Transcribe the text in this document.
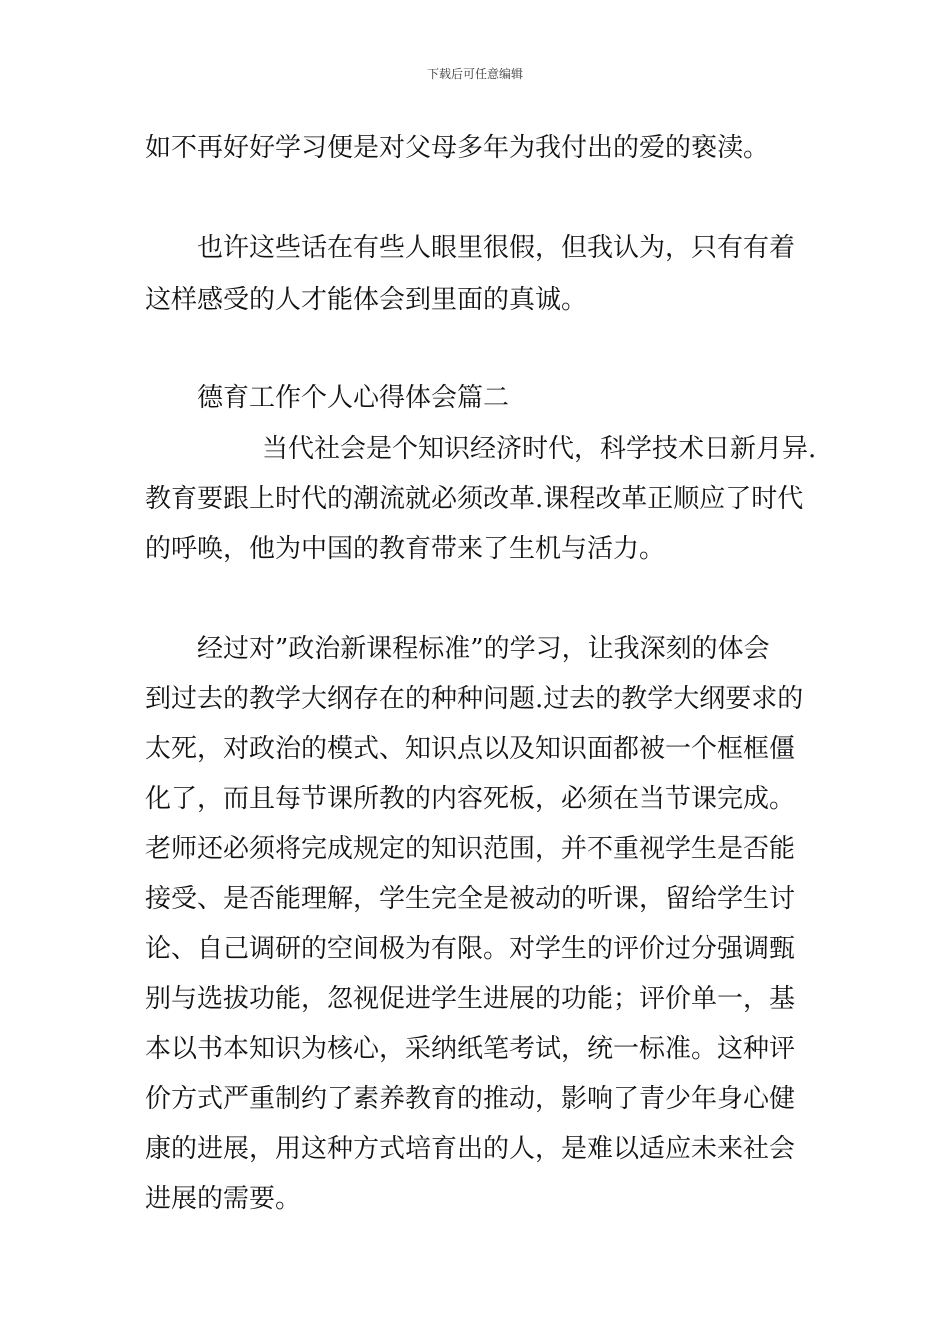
下载后可任意编辑
如不再好好学习便是对父母多年为我付出的爱的亵渎。
也许这些话在有些人眼里很假，但我认为，只有有着
这样感受的人才能体会到里面的真诚。
德育工作个人心得体会篇二
当代社会是个知识经济时代，科学技术日新月异.
教育要跟上时代的潮流就必须改革.课程改革正顺应了时代
的呼唤，他为中国的教育带来了生机与活力。
经过对”政治新课程标准”的学习，让我深刻的体会
到过去的教学大纲存在的种种问题.过去的教学大纲要求的
太死，对政治的模式、知识点以及知识面都被一个框框僵
化了，而且每节课所教的内容死板，必须在当节课完成。
老师还必须将完成规定的知识范围，并不重视学生是否能
接受、是否能理解，学生完全是被动的听课，留给学生讨
论、自己调研的空间极为有限。对学生的评价过分强调甄
别与选拔功能，忽视促进学生进展的功能；评价单一，基
本以书本知识为核心，采纳纸笔考试，统一标准。这种评
价方式严重制约了素养教育的推动，影响了青少年身心健
康的进展，用这种方式培育出的人，是难以适应未来社会
进展的需要。
